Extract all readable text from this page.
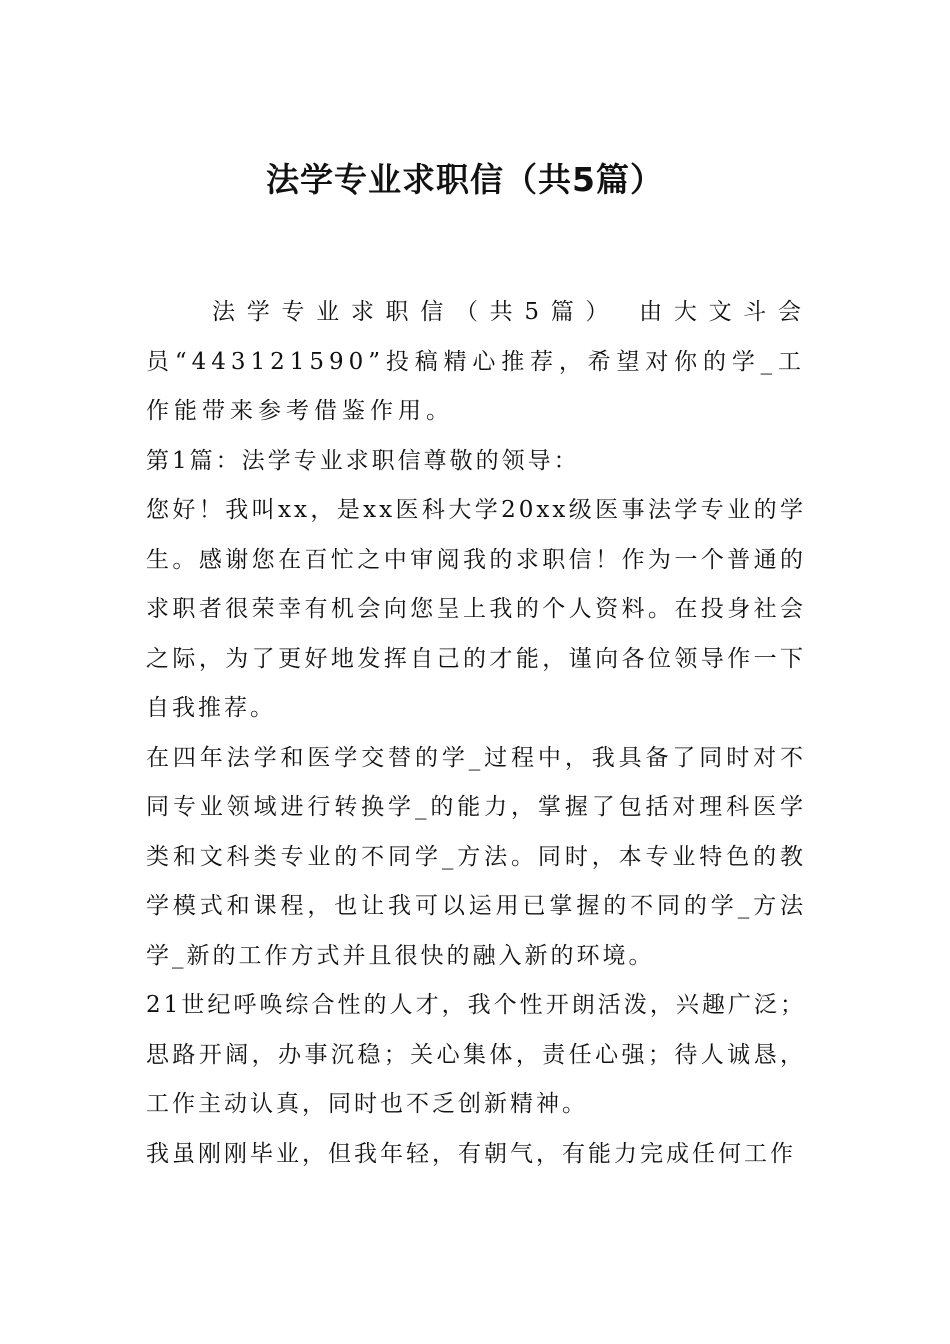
法学专业求职信（共5篇）

法学专业求职信（共5篇） 由大文斗会员“443121590”投稿精心推荐，希望对你的学_工作能带来参考借鉴作用。

第1篇：法学专业求职信尊敬的领导：

您好！我叫xx，是xx医科大学20xx级医事法学专业的学生。感谢您在百忙之中审阅我的求职信！作为一个普通的求职者很荣幸有机会向您呈上我的个人资料。在投身社会之际，为了更好地发挥自己的才能，谨向各位领导作一下自我推荐。

在四年法学和医学交替的学_过程中，我具备了同时对不同专业领域进行转换学_的能力，掌握了包括对理科医学类和文科类专业的不同学_方法。同时，本专业特色的教学模式和课程，也让我可以运用已掌握的不同的学_方法学_新的工作方式并且很快的融入新的环境。

21世纪呼唤综合性的人才，我个性开朗活泼，兴趣广泛；思路开阔，办事沉稳；关心集体，责任心强；待人诚恳，工作主动认真，同时也不乏创新精神。

我虽刚刚毕业，但我年轻，有朝气，有能力完成任何工作
